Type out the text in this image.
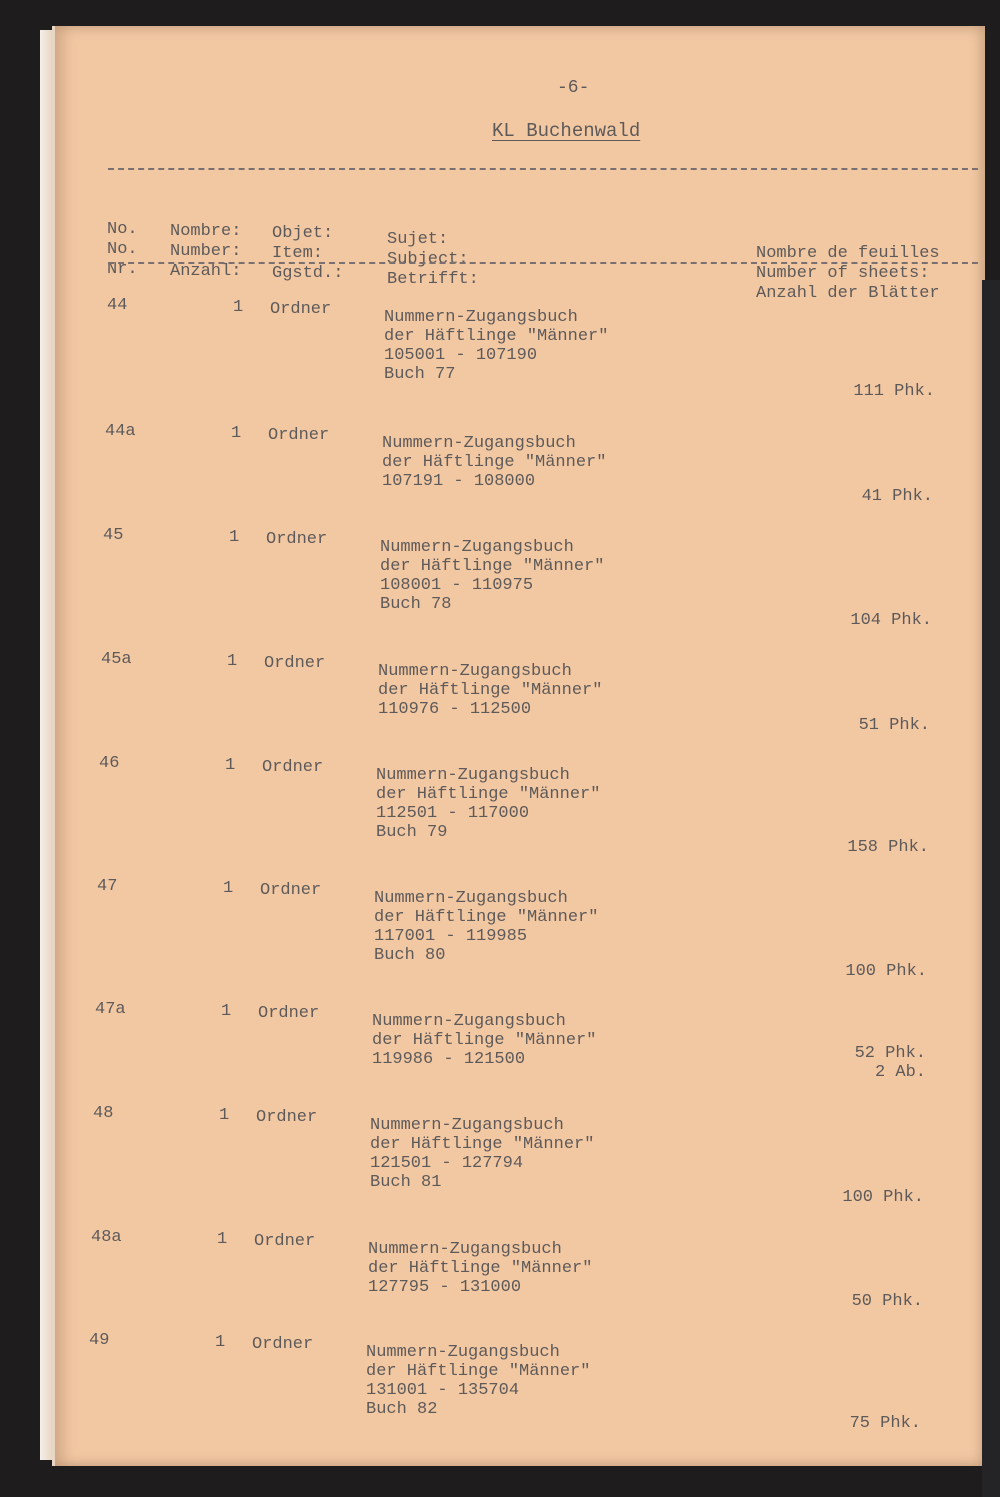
-6-
KL Buchenwald

No.
No.
Nr.

Nombre:
Number:
Anzahl:

Objet:
Item:
Ggstd.:

Sujet:
Subject:
Betrifft:

Nombre de feuilles
Number of sheets:
Anzahl der Blätter

44	1 Ordner	Nummern-Zugangsbuch
der Häftlinge "Männer"
105001 - 107190
Buch 77
111 Phk.
44a	1 Ordner	Nummern-Zugangsbuch
der Häftlinge "Männer"
107191 - 108000
41 Phk.
45	1 Ordner	Nummern-Zugangsbuch
der Häftlinge "Männer"
108001 - 110975
Buch 78
104 Phk.
45a	1 Ordner	Nummern-Zugangsbuch
der Häftlinge "Männer"
110976 - 112500
51 Phk.
46	1 Ordner	Nummern-Zugangsbuch
der Häftlinge "Männer"
112501 - 117000
Buch 79
158 Phk.
47	1 Ordner	Nummern-Zugangsbuch
der Häftlinge "Männer"
117001 - 119985
Buch 80
100 Phk.
47a	1 Ordner	Nummern-Zugangsbuch
der Häftlinge "Männer"
119986 - 121500	52 Phk.
2 Ab.
48	1 Ordner	Nummern-Zugangsbuch
der Häftlinge "Männer"
121501 - 127794
Buch 81
100 Phk.
48a	1 Ordner	Nummern-Zugangsbuch
der Häftlinge "Männer"
127795 - 131000
50 Phk.
49	1 Ordner	Nummern-Zugangsbuch
der Häftlinge "Männer"
131001 - 135704
Buch 82
75 Phk.
